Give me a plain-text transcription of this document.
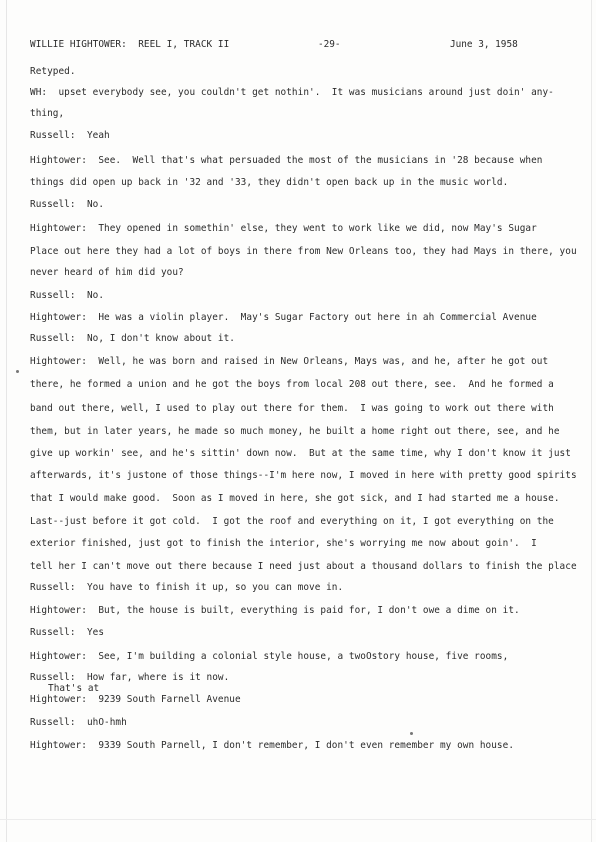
WILLIE HIGHTOWER:  REEL I, TRACK II	-29-	June 3, 1958
Retyped.
WH:  upset everybody see, you couldn't get nothin'.  It was musicians around just doin' any-
thing,
Russell:  Yeah
Hightower:  See.  Well that's what persuaded the most of the musicians in '28 because when
things did open up back in '32 and '33, they didn't open back up in the music world.
Russell:  No.
Hightower:  They opened in somethin' else, they went to work like we did, now May's Sugar
Place out here they had a lot of boys in there from New Orleans too, they had Mays in there, you
never heard of him did you?
Russell:  No.
Hightower:  He was a violin player.  May's Sugar Factory out here in ah Commercial Avenue
Russell:  No, I don't know about it.
Hightower:  Well, he was born and raised in New Orleans, Mays was, and he, after he got out
there, he formed a union and he got the boys from local 208 out there, see.  And he formed a
band out there, well, I used to play out there for them.  I was going to work out there with
them, but in later years, he made so much money, he built a home right out there, see, and he
give up workin' see, and he's sittin' down now.  But at the same time, why I don't know it just
afterwards, it's justone of those things--I'm here now, I moved in here with pretty good spirits
that I would make good.  Soon as I moved in here, she got sick, and I had started me a house.
Last--just before it got cold.  I got the roof and everything on it, I got everything on the
exterior finished, just got to finish the interior, she's worrying me now about goin'.  I
tell her I can't move out there because I need just about a thousand dollars to finish the place
Russell:  You have to finish it up, so you can move in.
Hightower:  But, the house is built, everything is paid for, I don't owe a dime on it.
Russell:  Yes
Hightower:  See, I'm building a colonial style house, a twoOstory house, five rooms,
Russell:  How far, where is it now.
That's at
Hightower:  9239 South Farnell Avenue
Russell:  uhO-hmh
Hightower:  9339 South Parnell, I don't remember, I don't even remember my own house.
